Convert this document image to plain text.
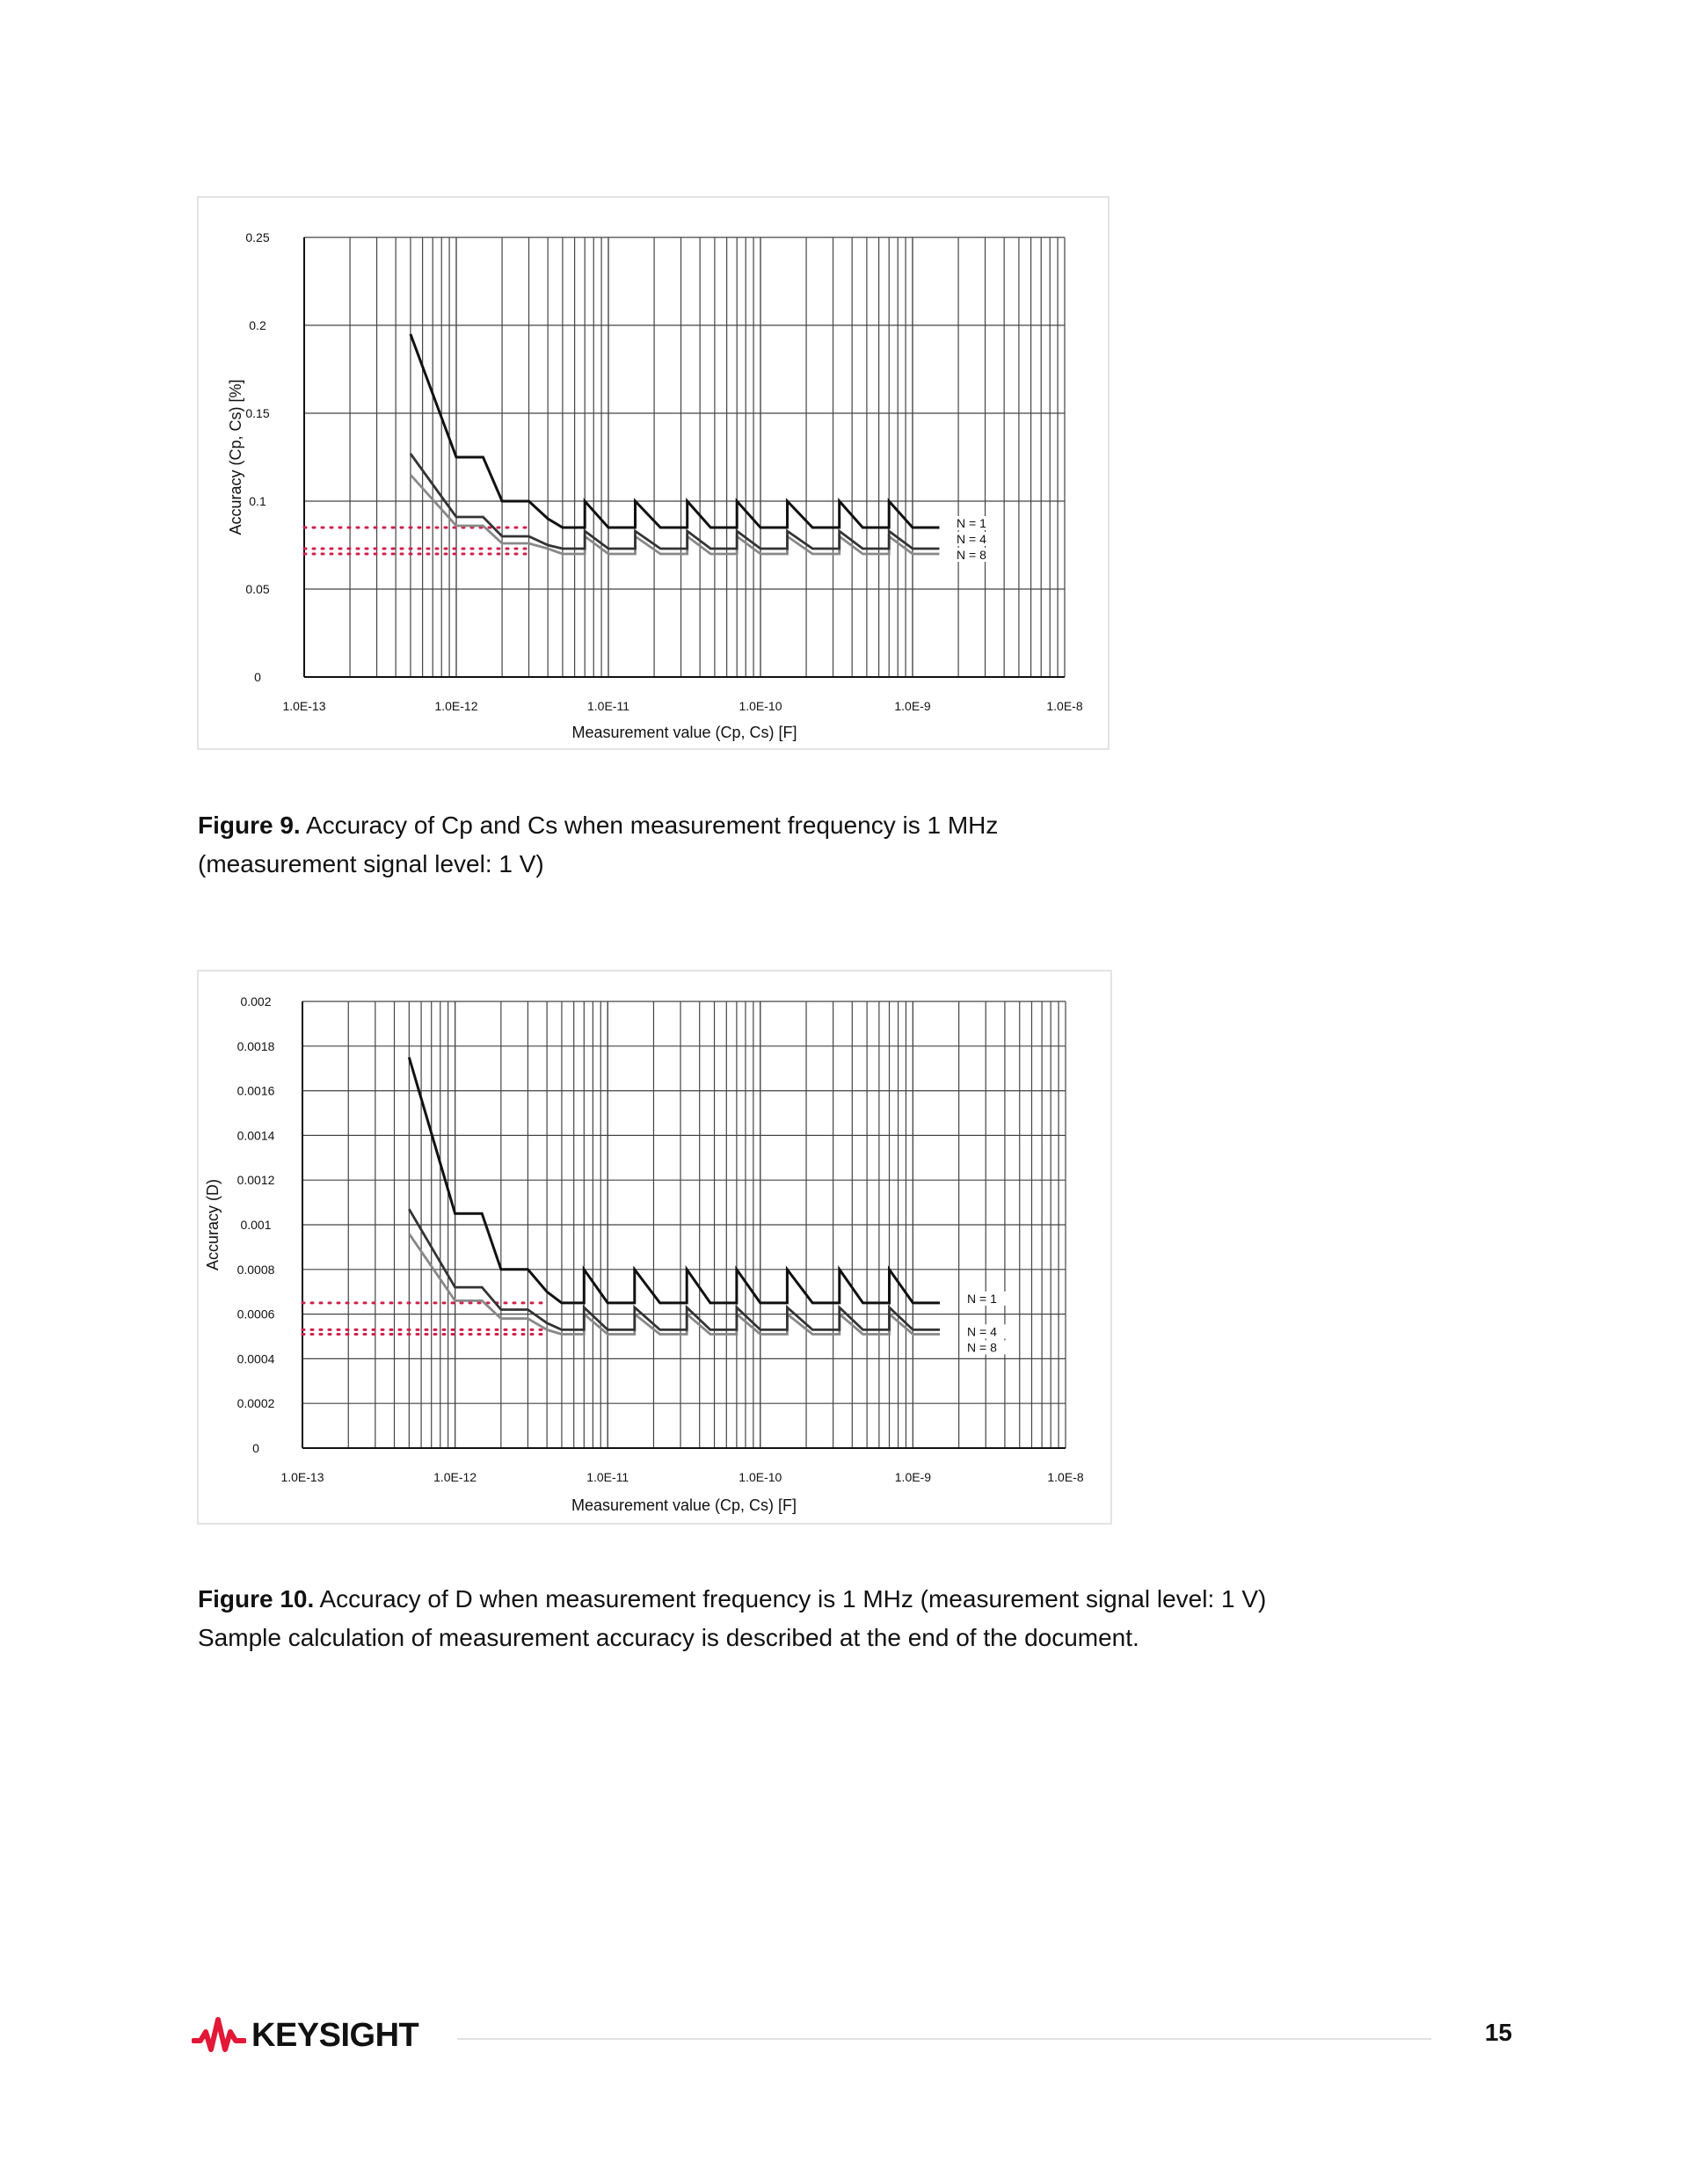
0
0.05
0.1
0.15
0.2
0.25
1.0E-13	1.0E-12	1.0E-11	1.0E-10	1.0E-9	1.0E-8
Measurement value (Cp, Cs) [F]
Accuracy (Cp, Cs) [%]	N = 1
N = 4
N = 8
Figure 9. Accuracy of Cp and Cs when measurement frequency is 1 MHz
(measurement signal level: 1 V)
0
0.0002
0.0004
0.0006
0.0008
0.001
0.0012
0.0014
0.0016
0.0018
0.002
1.0E-13	1.0E-12	1.0E-11	1.0E-10	1.0E-9	1.0E-8
Measurement value (Cp, Cs) [F]
Accuracy (D)
N = 1
N = 4
N = 8
Figure 10. Accuracy of D when measurement frequency is 1 MHz (measurement signal level: 1 V)
Sample calculation of measurement accuracy is described at the end of the document.
KEYSIGHT	15
